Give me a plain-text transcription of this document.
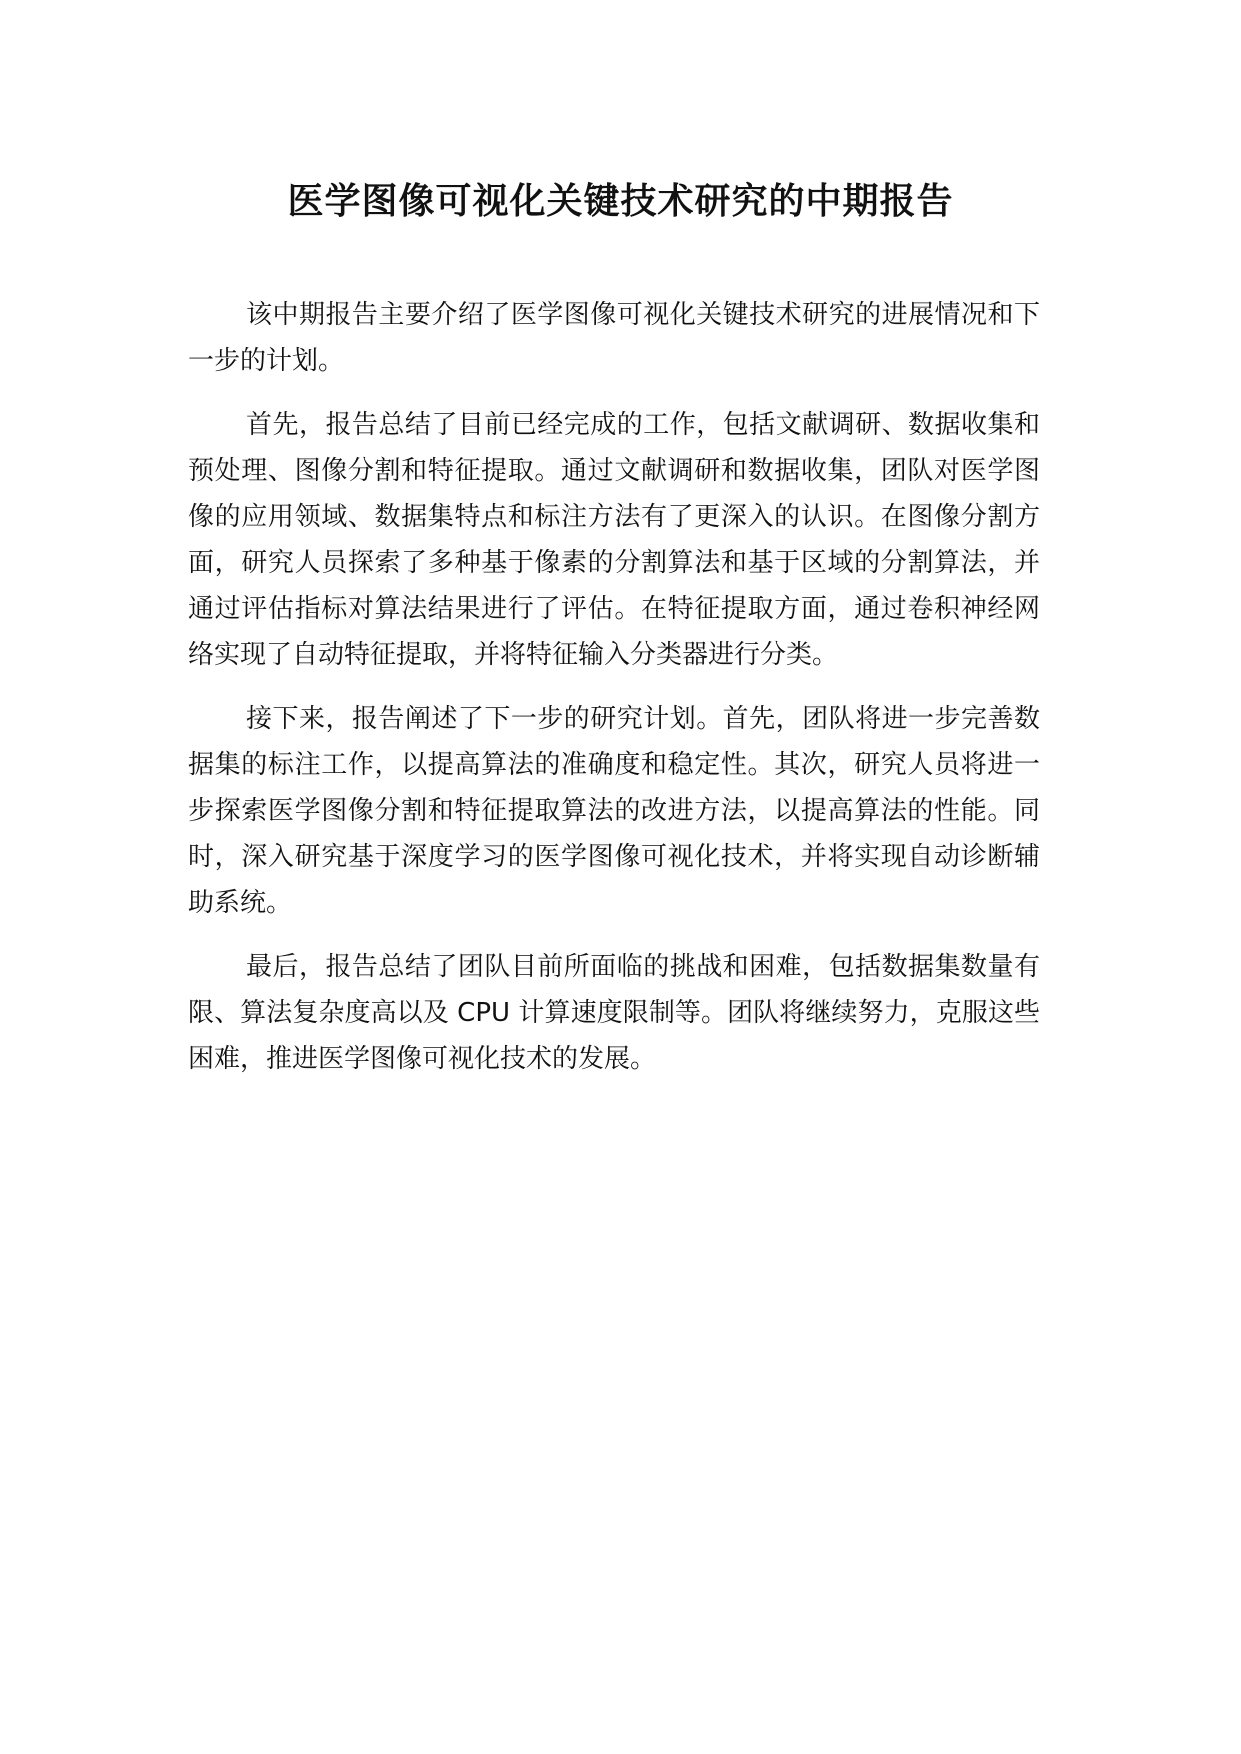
医学图像可视化关键技术研究的中期报告

该中期报告主要介绍了医学图像可视化关键技术研究的进展情况和下一步的计划。

首先，报告总结了目前已经完成的工作，包括文献调研、数据收集和预处理、图像分割和特征提取。通过文献调研和数据收集，团队对医学图像的应用领域、数据集特点和标注方法有了更深入的认识。在图像分割方面，研究人员探索了多种基于像素的分割算法和基于区域的分割算法，并通过评估指标对算法结果进行了评估。在特征提取方面，通过卷积神经网络实现了自动特征提取，并将特征输入分类器进行分类。

接下来，报告阐述了下一步的研究计划。首先，团队将进一步完善数据集的标注工作，以提高算法的准确度和稳定性。其次，研究人员将进一步探索医学图像分割和特征提取算法的改进方法，以提高算法的性能。同时，深入研究基于深度学习的医学图像可视化技术，并将实现自动诊断辅助系统。

最后，报告总结了团队目前所面临的挑战和困难，包括数据集数量有限、算法复杂度高以及 CPU 计算速度限制等。团队将继续努力，克服这些困难，推进医学图像可视化技术的发展。
